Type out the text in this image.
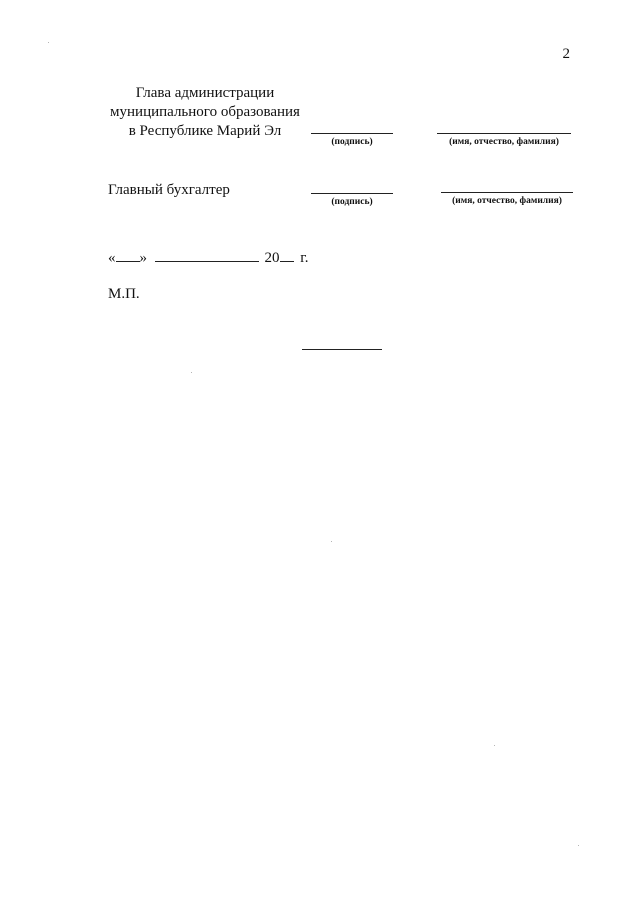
2
Глава администрации
муниципального образования
в Республике Марий Эл
(подпись)	(имя, отчество, фамилия)
Главный бухгалтер
(подпись)	(имя, отчество, фамилия)
« »	20 г.
М.П.
